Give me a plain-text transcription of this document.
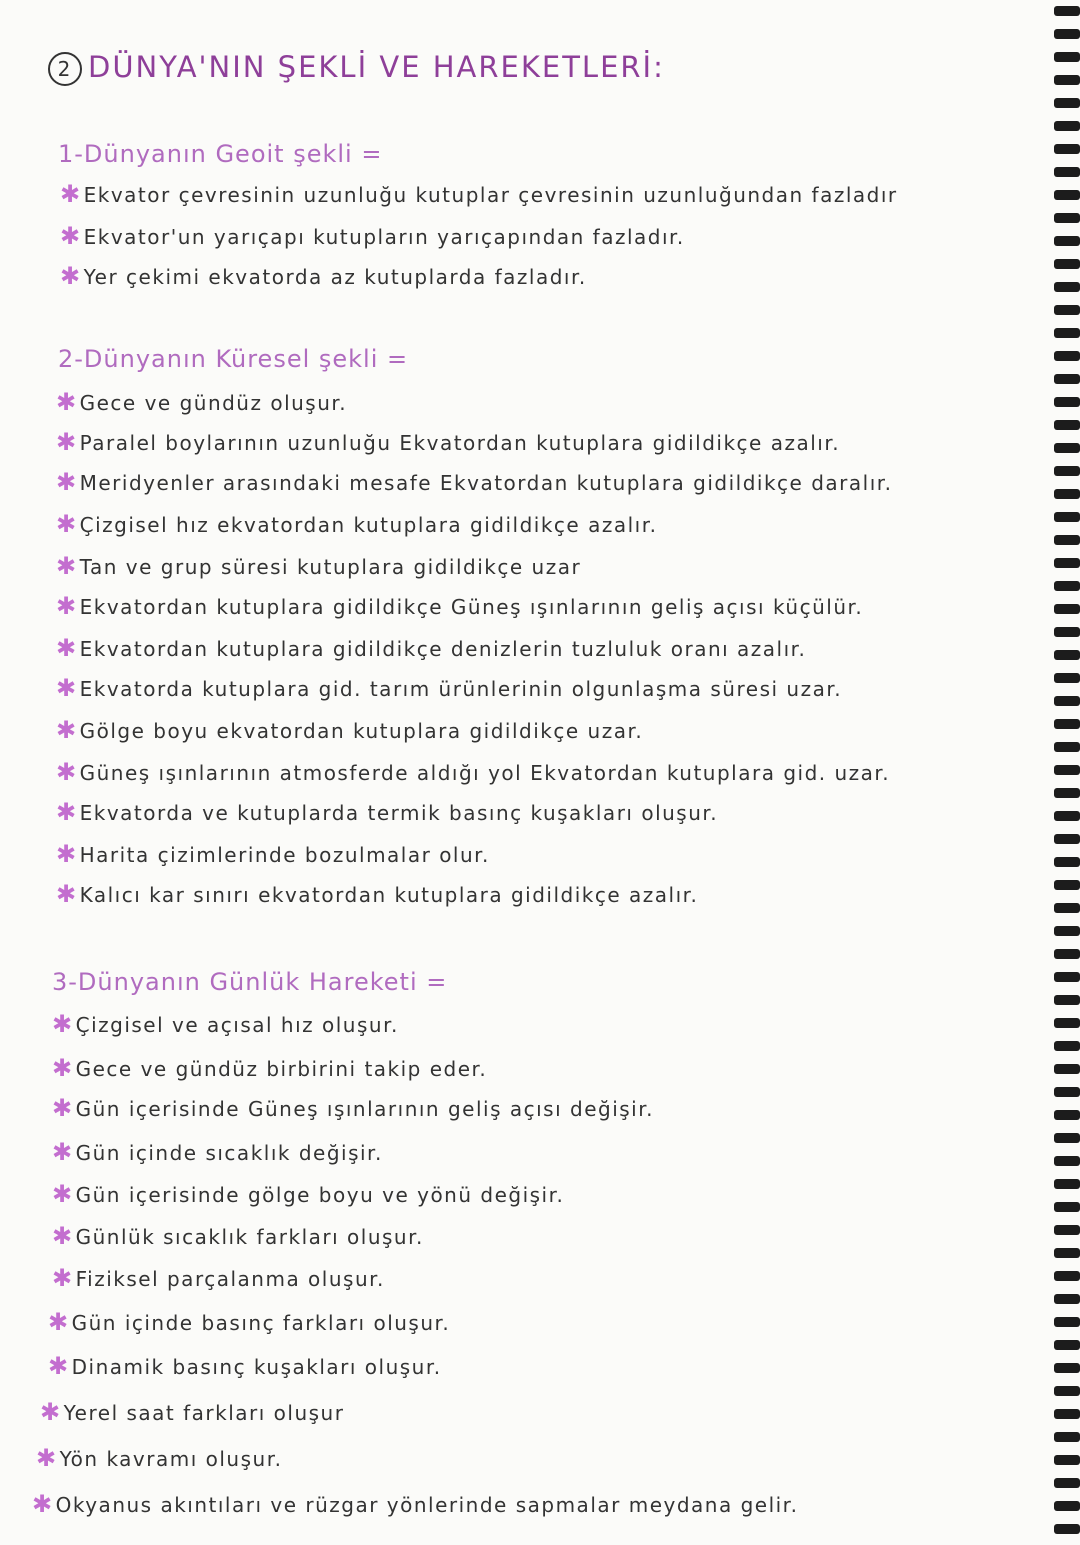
2 DÜNYA'NIN ŞEKLİ VE HAREKETLERİ:
1-Dünyanın Geoit şekli =
✱ Ekvator çevresinin uzunluğu kutuplar çevresinin uzunluğundan fazladır
✱ Ekvator'un yarıçapı kutupların yarıçapından fazladır.
✱ Yer çekimi ekvatorda az kutuplarda fazladır.
2-Dünyanın Küresel şekli =
✱ Gece ve gündüz oluşur.
✱ Paralel boylarının uzunluğu Ekvatordan kutuplara gidildikçe azalır.
✱ Meridyenler arasındaki mesafe Ekvatordan kutuplara gidildikçe daralır.
✱ Çizgisel hız ekvatordan kutuplara gidildikçe azalır.
✱ Tan ve grup süresi kutuplara gidildikçe uzar
✱ Ekvatordan kutuplara gidildikçe Güneş ışınlarının geliş açısı küçülür.
✱ Ekvatordan kutuplara gidildikçe denizlerin tuzluluk oranı azalır.
✱ Ekvatorda kutuplara gid. tarım ürünlerinin olgunlaşma süresi uzar.
✱ Gölge boyu ekvatordan kutuplara gidildikçe uzar.
✱ Güneş ışınlarının atmosferde aldığı yol Ekvatordan kutuplara gid. uzar.
✱ Ekvatorda ve kutuplarda termik basınç kuşakları oluşur.
✱ Harita çizimlerinde bozulmalar olur.
✱ Kalıcı kar sınırı ekvatordan kutuplara gidildikçe azalır.
3-Dünyanın Günlük Hareketi =
✱ Çizgisel ve açısal hız oluşur.
✱ Gece ve gündüz birbirini takip eder.
✱ Gün içerisinde Güneş ışınlarının geliş açısı değişir.
✱ Gün içinde sıcaklık değişir.
✱ Gün içerisinde gölge boyu ve yönü değişir.
✱ Günlük sıcaklık farkları oluşur.
✱ Fiziksel parçalanma oluşur.
✱ Gün içinde basınç farkları oluşur.
✱ Dinamik basınç kuşakları oluşur.
✱ Yerel saat farkları oluşur
✱ Yön kavramı oluşur.
✱ Okyanus akıntıları ve rüzgar yönlerinde sapmalar meydana gelir.
